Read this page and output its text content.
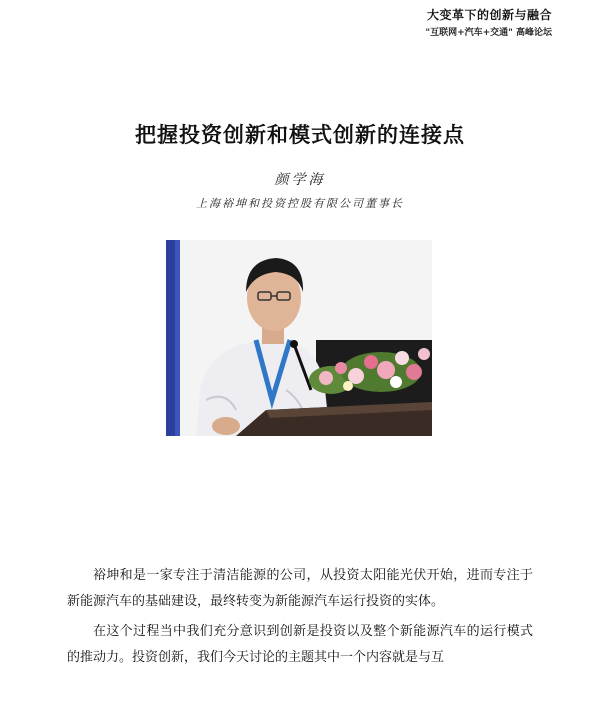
大变革下的创新与融合
"互联网+汽车+交通" 高峰论坛
把握投资创新和模式创新的连接点
颜学海
上海裕坤和投资控股有限公司董事长

裕坤和是一家专注于清洁能源的公司，从投资太阳能光伏开始，进而专注于新能源汽车的基础建设，最终转变为新能源汽车运行投资的实体。

在这个过程当中我们充分意识到创新是投资以及整个新能源汽车的运行模式的推动力。投资创新，我们今天讨论的主题其中一个内容就是与互
